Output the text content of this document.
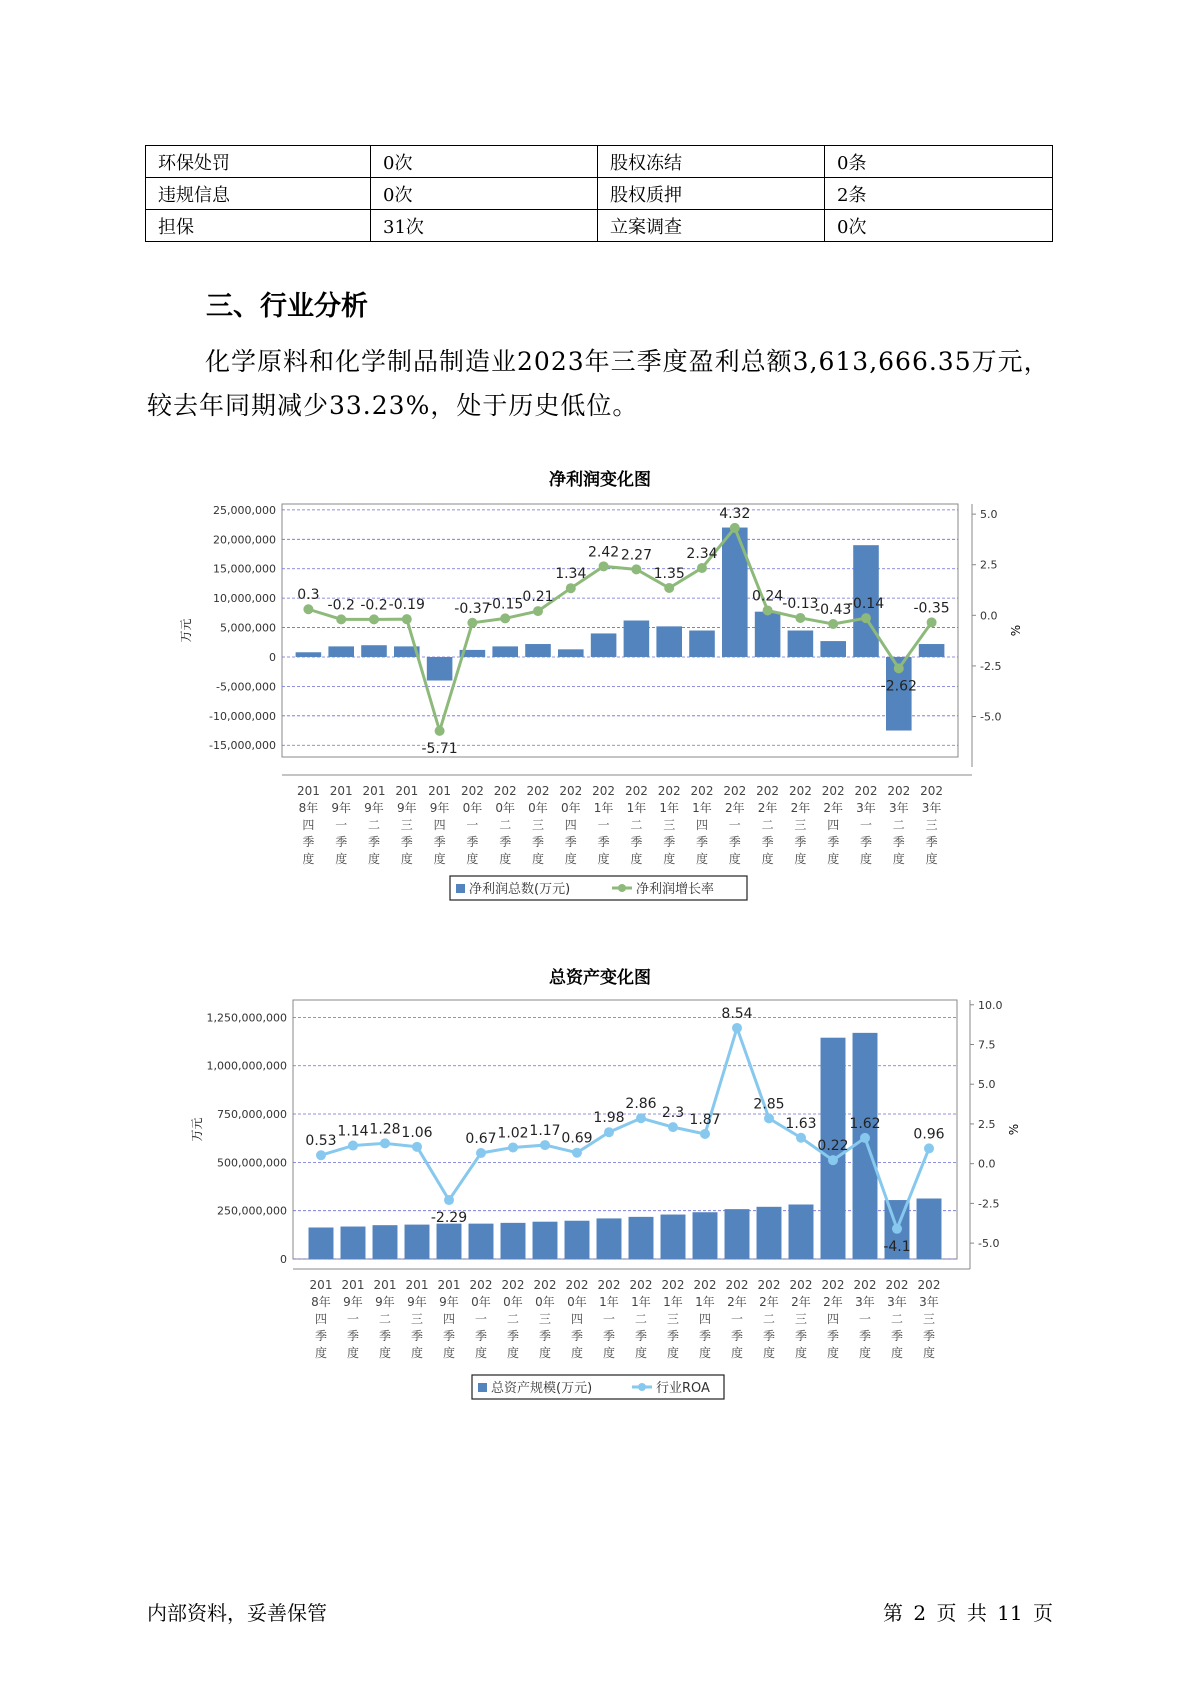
环保处罚	0次	股权冻结	0条
违规信息	0次	股权质押	2条
担保	31次	立案调查	0次
三、行业分析

化学原料和化学制品制造业2023年三季度盈利总额3,613,666.35万元，较去年同期减少33.23%，处于历史低位。

净利润变化图
25,000,000
20,000,000
15,000,000
10,000,000
5,000,000
0
-5,000,000
-10,000,000
-15,000,000
5.0
2.5
0.0
-2.5
-5.0
万元	%
0.3
-0.2 -0.2 -0.19
-5.71
-0.37
-0.15 0.21
1.34
2.42 2.27
1.35
2.34
4.32
0.24 -0.13
-0.43
-0.14
-2.62
-0.35
201
8年
四
季
度
201
9年
一
季
度
201
9年
二
季
度
201
9年
三
季
度
201
9年
四
季
度
202
0年
一
季
度
202
0年
二
季
度
202
0年
三
季
度
202
0年
四
季
度
202
1年
一
季
度
202
1年
二
季
度
202
1年
三
季
度
202
1年
四
季
度
202
2年
一
季
度
202
2年
二
季
度
202
2年
三
季
度
202
2年
四
季
度
202
3年
一
季
度
202
3年
二
季
度
202
3年
三
季
度
净利润总数(万元)	净利润增长率
总资产变化图
1,250,000,000
1,000,000,000
750,000,000
500,000,000
250,000,000
0
10.0
7.5
5.0
2.5
0.0
-2.5
-5.0
万元	%
0.53
1.14 1.28 1.06
-2.29
0.67 1.02 1.17 0.69
1.98
2.86
2.3 1.87
8.54
2.85
1.63
0.22
1.62
-4.1
0.96
201
8年
四
季
度
201
9年
一
季
度
201
9年
二
季
度
201
9年
三
季
度
201
9年
四
季
度
202
0年
一
季
度
202
0年
二
季
度
202
0年
三
季
度
202
0年
四
季
度
202
1年
一
季
度
202
1年
二
季
度
202
1年
三
季
度
202
1年
四
季
度
202
2年
一
季
度
202
2年
二
季
度
202
2年
三
季
度
202
2年
四
季
度
202
3年
一
季
度
202
3年
二
季
度
202
3年
三
季
度
总资产规模(万元)	行业ROA
内部资料，妥善保管	第 2 页 共 11 页
